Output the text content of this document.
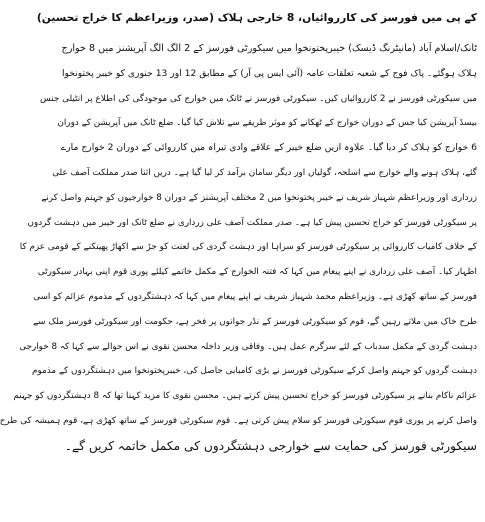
کے پی میں فورسز کی کارروائیاں، 8 خارجی ہلاک (صدر، وزیراعظم کا خراج تحسین)
ٹانک/اسلام آباد (مانیٹرنگ ڈیسک) خیبرپختونخوا میں سیکورٹی فورسز کے 2 الگ الگ آپریشنز میں 8 خوارج
ہلاک ہوگئے۔ پاک فوج کے شعبہ تعلقات عامہ (آئی ایس پی آر) کے مطابق 12 اور 13 جنوری کو خیبر پختونخوا
میں سیکورٹی فورسز نے 2 کارروائیاں کیں۔ سیکورٹی فورسز نے ٹانک میں خوارج کی موجودگی کی اطلاع پر انٹیلی جنس
بیسڈ آپریشن کیا جس کے دوران خوارج کے ٹھکانے کو موثر طریقے سے تلاش کیا گیا۔ ضلع ٹانک میں آپریشن کے دوران
6 خوارج کو ہلاک کر دیا گیا۔ علاوہ ازیں ضلع خیبر کے علاقے وادی تیراہ میں کارروائی کے دوران 2 خوارج مارے
گئے، ہلاک ہونے والے خوارج سے اسلحہ، گولیاں اور دیگر سامان برآمد کر لیا گیا ہے۔ دریں اثنا صدر مملکت آصف علی
زرداری اور وزیراعظم شہباز شریف نے خیبر پختونخوا میں 2 مختلف آپریشنز کے دوران 8 خوارجیوں کو جہنم واصل کرنے
پر سیکورٹی فورسز کو خراج تحسین پیش کیا ہے۔ صدر مملکت آصف علی زرداری نے ضلع ٹانک اور خیبر میں دہشت گردوں
کے خلاف کامیاب کارروائی پر سیکورٹی فورسز کو سراہا اور دہشت گردی کی لعنت کو جڑ سے اکھاڑ پھینکنے کے قومی عزم کا
اظہار کیا۔ آصف علی زرداری نے اپنے پیغام میں کہا کہ فتنہ الخوارج کے مکمل خاتمے کیلئے پوری قوم اپنی بہادر سیکورٹی
فورسز کے ساتھ کھڑی ہے۔ وزیراعظم محمد شہباز شریف نے اپنے پیغام میں کہا کہ دہشتگردوں کے مذموم عزائم کو اسی
طرح خاک میں ملاتے رہیں گے، قوم کو سیکورٹی فورسز کے نڈر جوانوں پر فخر ہے، حکومت اور سیکورٹی فورسز ملک سے
دہشت گردی کے مکمل سدباب کے لئے سرگرم عمل ہیں۔ وفاقی وزیر داخلہ محسن نقوی نے اس حوالے سے کہا کہ 8 خوارجی
دہشت گردوں کو جہنم واصل کرکے سیکورٹی فورسز نے بڑی کامیابی حاصل کی، خیبرپختونخوا میں دہشتگردوں کے مذموم
عزائم ناکام بنانے پر سیکورٹی فورسز کو خراج تحسین پیش کرتے ہیں۔ محسن نقوی کا مزید کہنا تھا کہ 8 دہشتگردوں کو جہنم
واصل کرنے پر پوری قوم سیکورٹی فورسز کو سلام پیش کرتی ہے۔ قوم سیکورٹی فورسز کے ساتھ کھڑی ہے، قوم ہمیشہ کی طرح
سیکورٹی فورسز کی حمایت سے خوارجی دہشتگردوں کی مکمل خاتمہ کریں گے۔
